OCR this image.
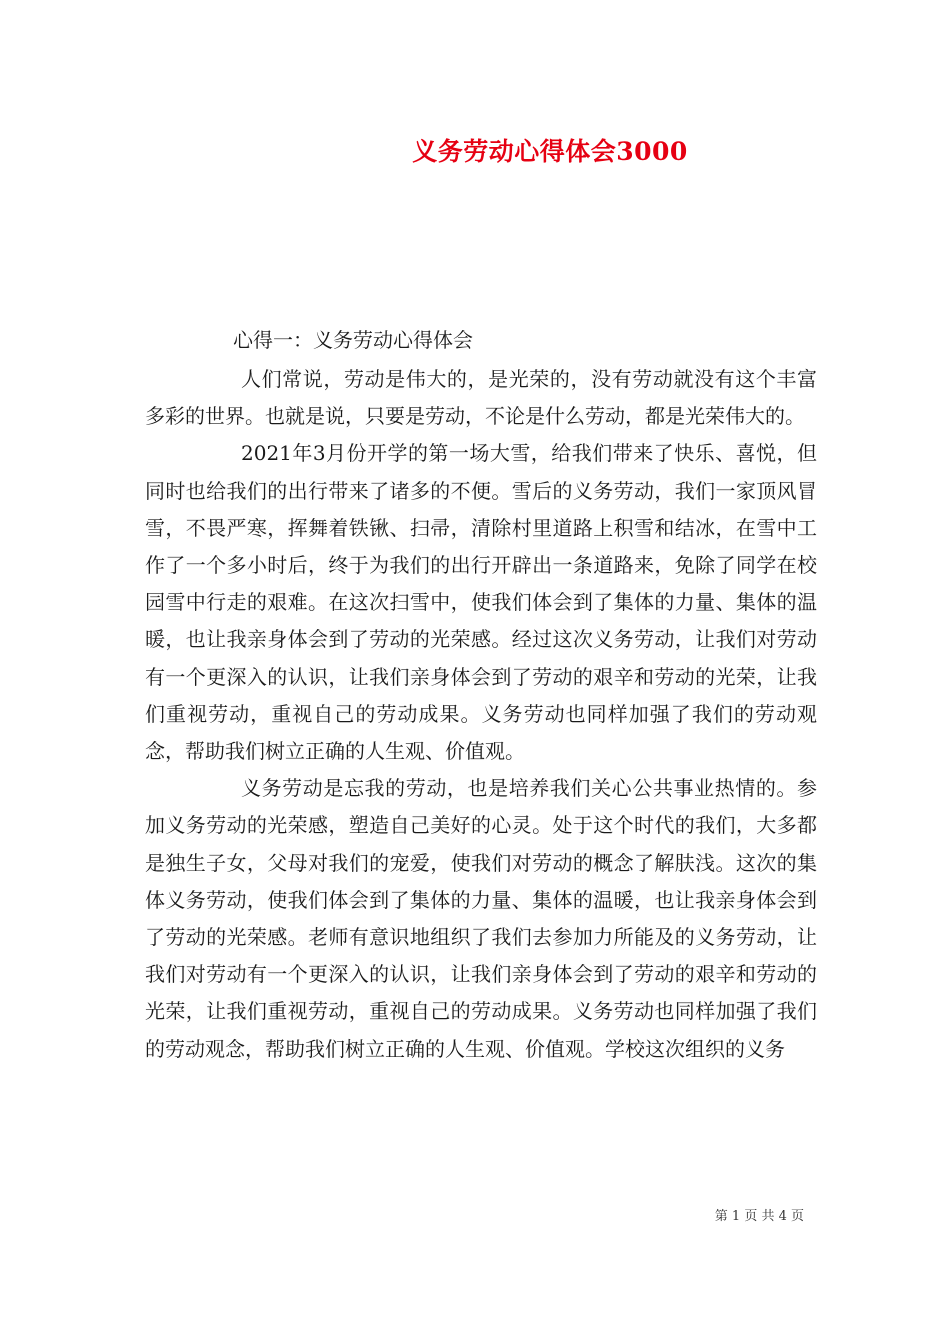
义务劳动心得体会3000
心得一：义务劳动心得体会

人们常说，劳动是伟大的，是光荣的，没有劳动就没有这个丰富多彩的世界。也就是说，只要是劳动，不论是什么劳动，都是光荣伟大的。

2021年3月份开学的第一场大雪，给我们带来了快乐、喜悦，但同时也给我们的出行带来了诸多的不便。雪后的义务劳动，我们一家顶风冒雪，不畏严寒，挥舞着铁锹、扫帚，清除村里道路上积雪和结冰，在雪中工作了一个多小时后，终于为我们的出行开辟出一条道路来，免除了同学在校园雪中行走的艰难。在这次扫雪中，使我们体会到了集体的力量、集体的温暖，也让我亲身体会到了劳动的光荣感。经过这次义务劳动，让我们对劳动有一个更深入的认识，让我们亲身体会到了劳动的艰辛和劳动的光荣，让我们重视劳动，重视自己的劳动成果。义务劳动也同样加强了我们的劳动观念，帮助我们树立正确的人生观、价值观。

义务劳动是忘我的劳动，也是培养我们关心公共事业热情的。参加义务劳动的光荣感，塑造自己美好的心灵。处于这个时代的我们，大多都是独生子女，父母对我们的宠爱，使我们对劳动的概念了解肤浅。这次的集体义务劳动，使我们体会到了集体的力量、集体的温暖，也让我亲身体会到了劳动的光荣感。老师有意识地组织了我们去参加力所能及的义务劳动，让我们对劳动有一个更深入的认识，让我们亲身体会到了劳动的艰辛和劳动的光荣，让我们重视劳动，重视自己的劳动成果。义务劳动也同样加强了我们的劳动观念，帮助我们树立正确的人生观、价值观。学校这次组织的义务

第 1 页 共 4 页
